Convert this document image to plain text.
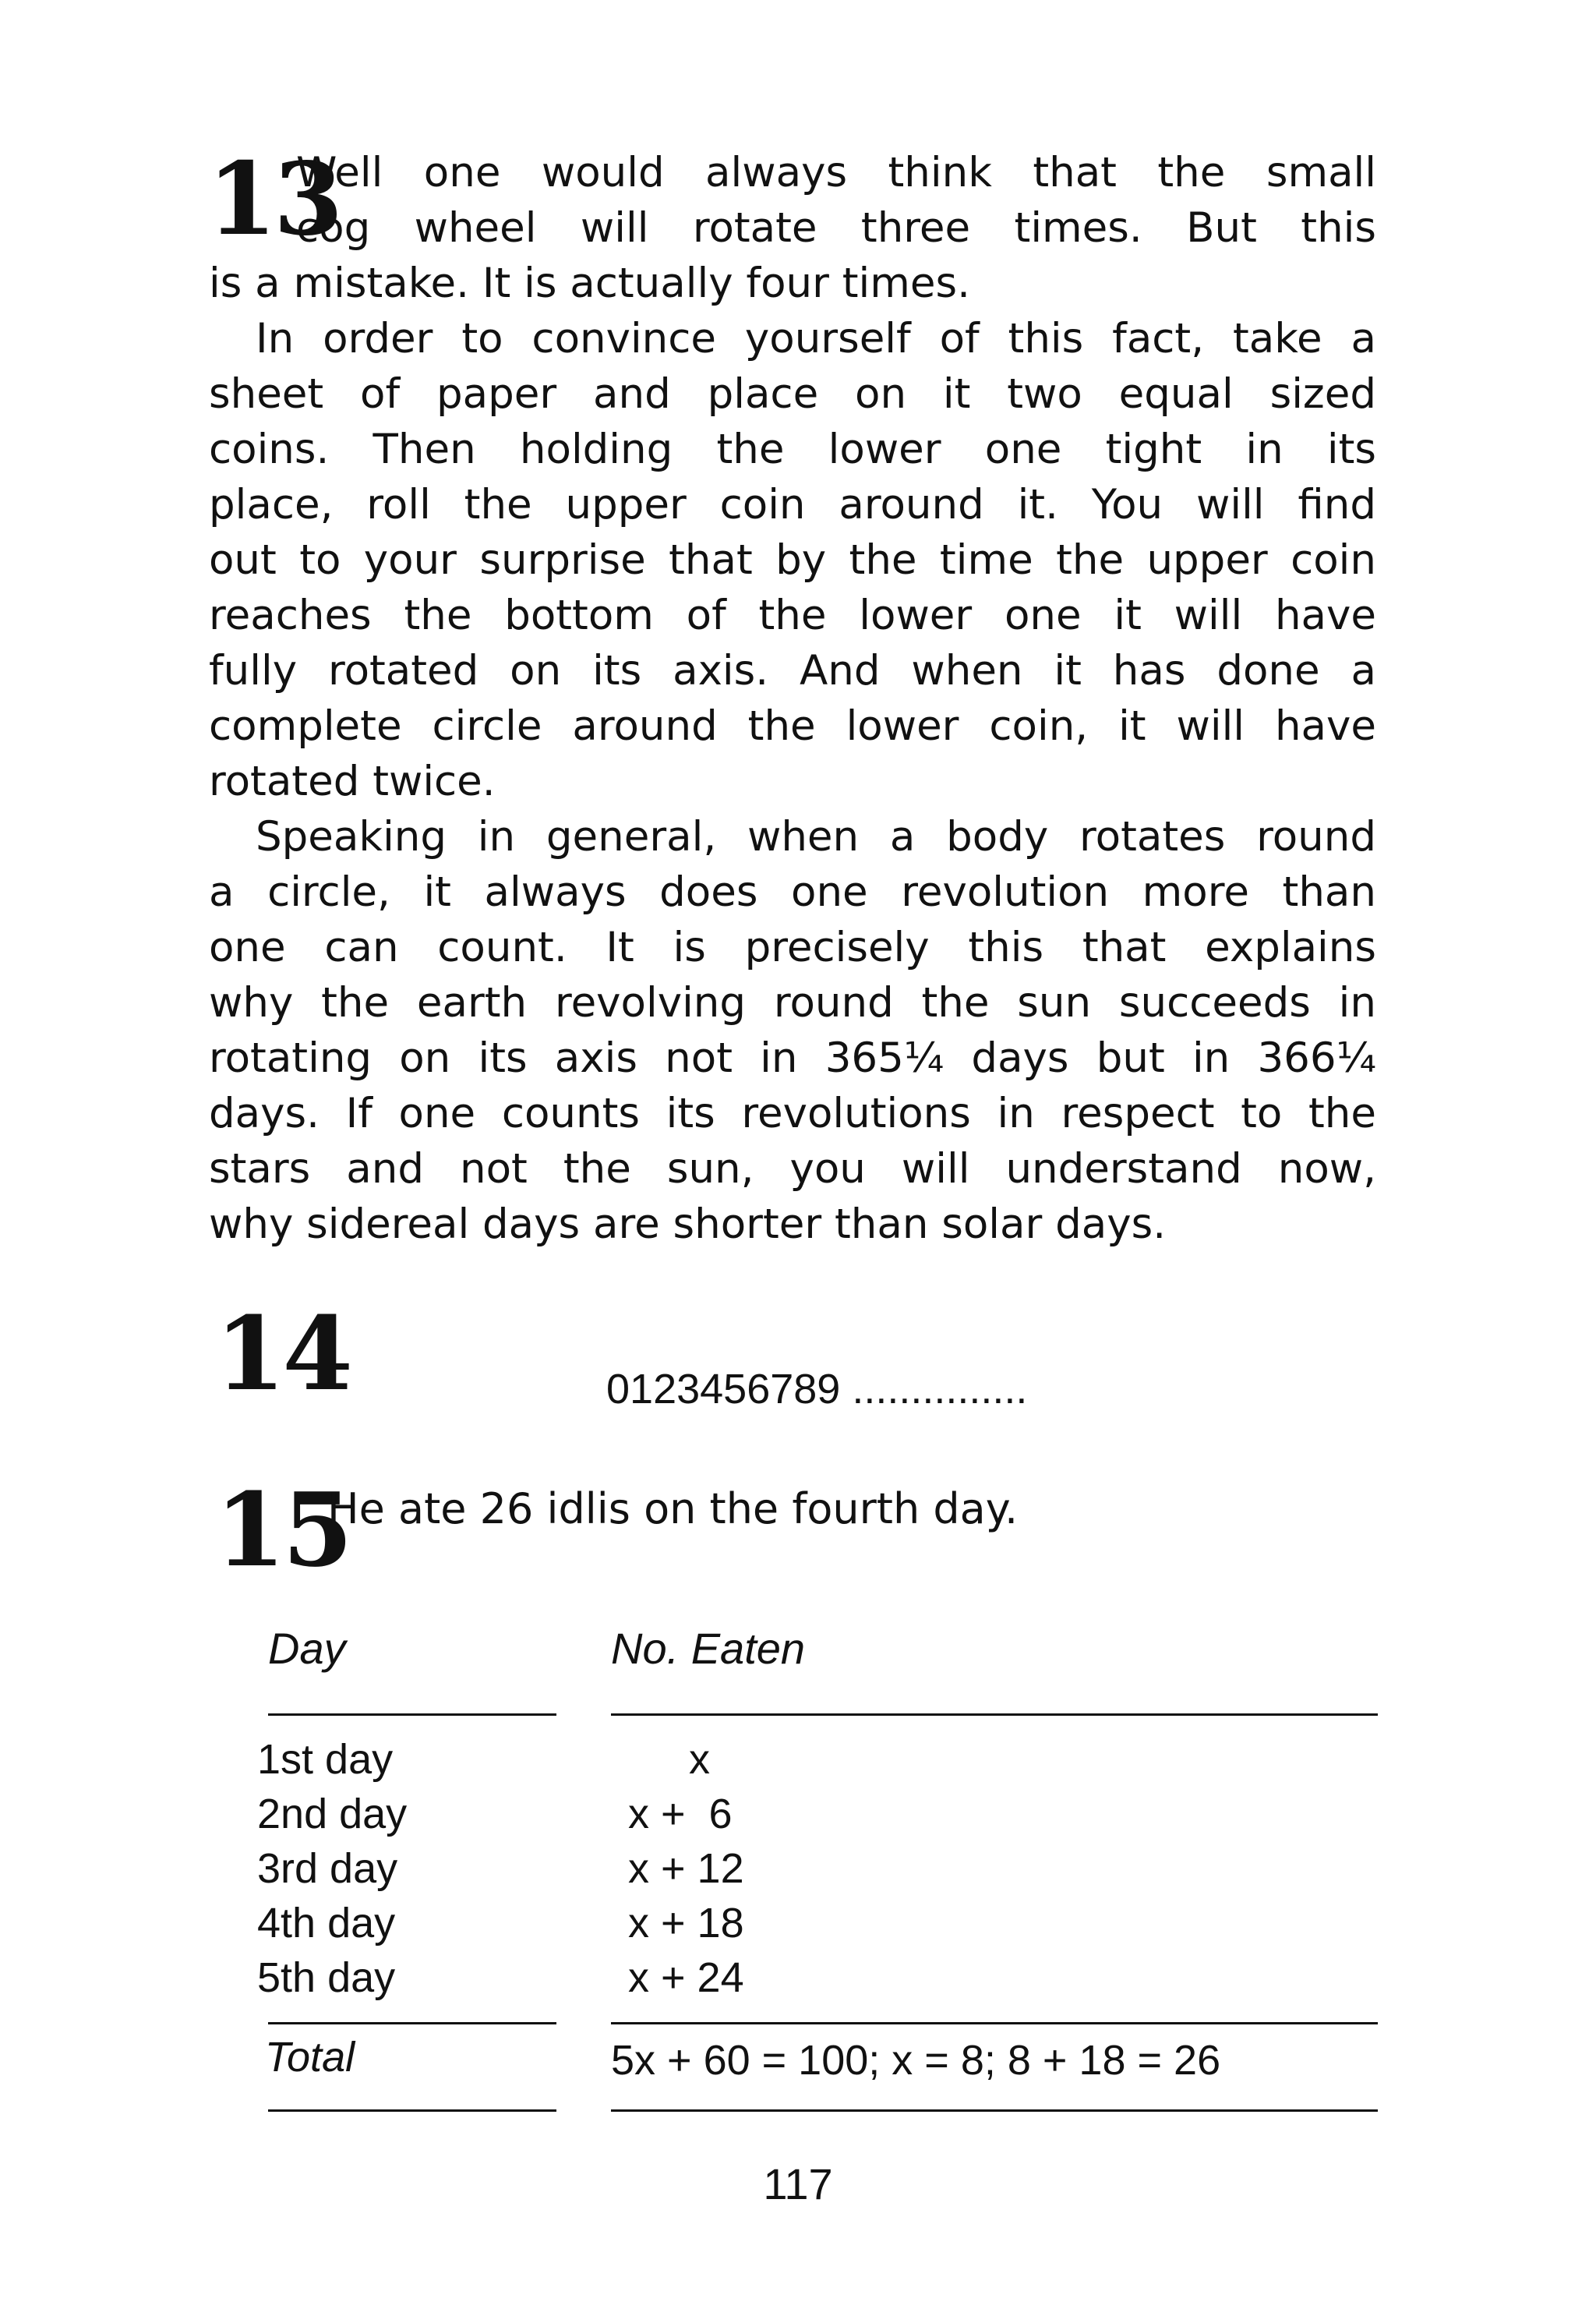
13
Well one would always think that the small
cog wheel will rotate three times. But this
is a mistake. It is actually four times.
In order to convince yourself of this fact, take a
sheet of paper and place on it two equal sized
coins. Then holding the lower one tight in its
place, roll the upper coin around it. You will find
out to your surprise that by the time the upper coin
reaches the bottom of the lower one it will have
fully rotated on its axis. And when it has done a
complete circle around the lower coin, it will have
rotated twice.
Speaking in general, when a body rotates round
a circle, it always does one revolution more than
one can count. It is precisely this that explains
why the earth revolving round the sun succeeds in
rotating on its axis not in 365¼ days but in 366¼
days. If one counts its revolutions in respect to the
stars and not the sun, you will understand now,
why sidereal days are shorter than solar days.
14	0123456789 ...............
15
He ate 26 idlis on the fourth day.
Day	No. Eaten
1st day	x
2nd day	x +  6
3rd day	x + 12
4th day	x + 18
5th day	x + 24
Total	5x + 60 = 100; x = 8; 8 + 18 = 26
117
